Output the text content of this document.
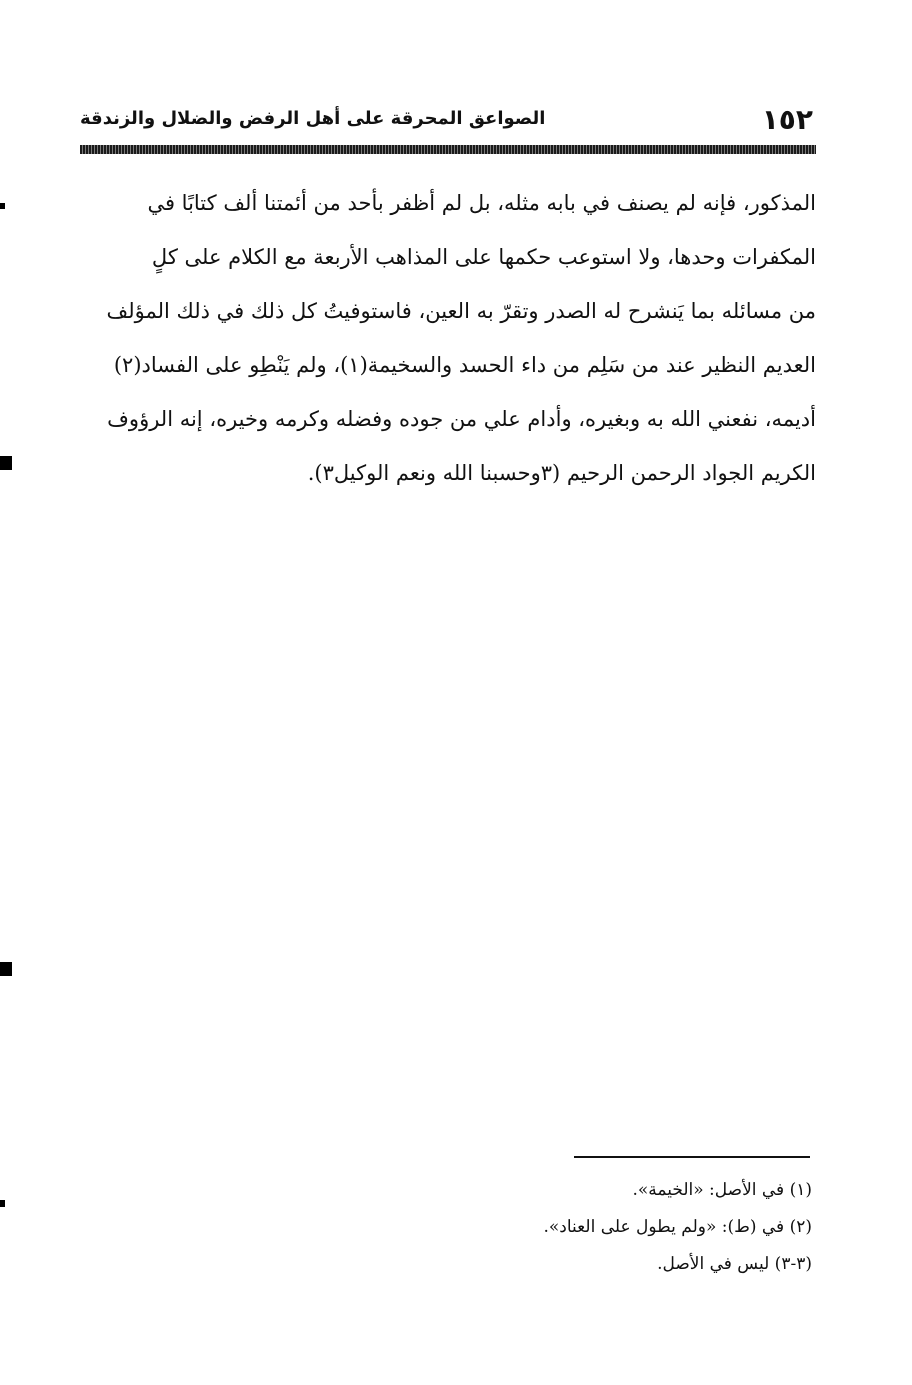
١٥٢
الصواعق المحرقة على أهل الرفض والضلال والزندقة

المذكور، فإنه لم يصنف في بابه مثله، بل لم أظفر بأحد من أئمتنا ألف كتابًا في

المكفرات وحدها، ولا استوعب حكمها على المذاهب الأربعة مع الكلام على كلٍ

من مسائله بما يَنشرح له الصدر وتقرّ به العين، فاستوفيتُ كل ذلك في ذلك المؤلف

العديم النظير عند من سَلِم من داء الحسد والسخيمة(١)، ولم يَنْطِو على الفساد(٢)

أديمه، نفعني الله به وبغيره، وأدام علي من جوده وفضله وكرمه وخيره، إنه الرؤوف

الكريم الجواد الرحمن الرحيم (٣وحسبنا الله ونعم الوكيل٣).

(١) في الأصل: «الخيمة».
(٢) في (ط): «ولم يطول على العناد».
(٣-٣) ليس في الأصل.
